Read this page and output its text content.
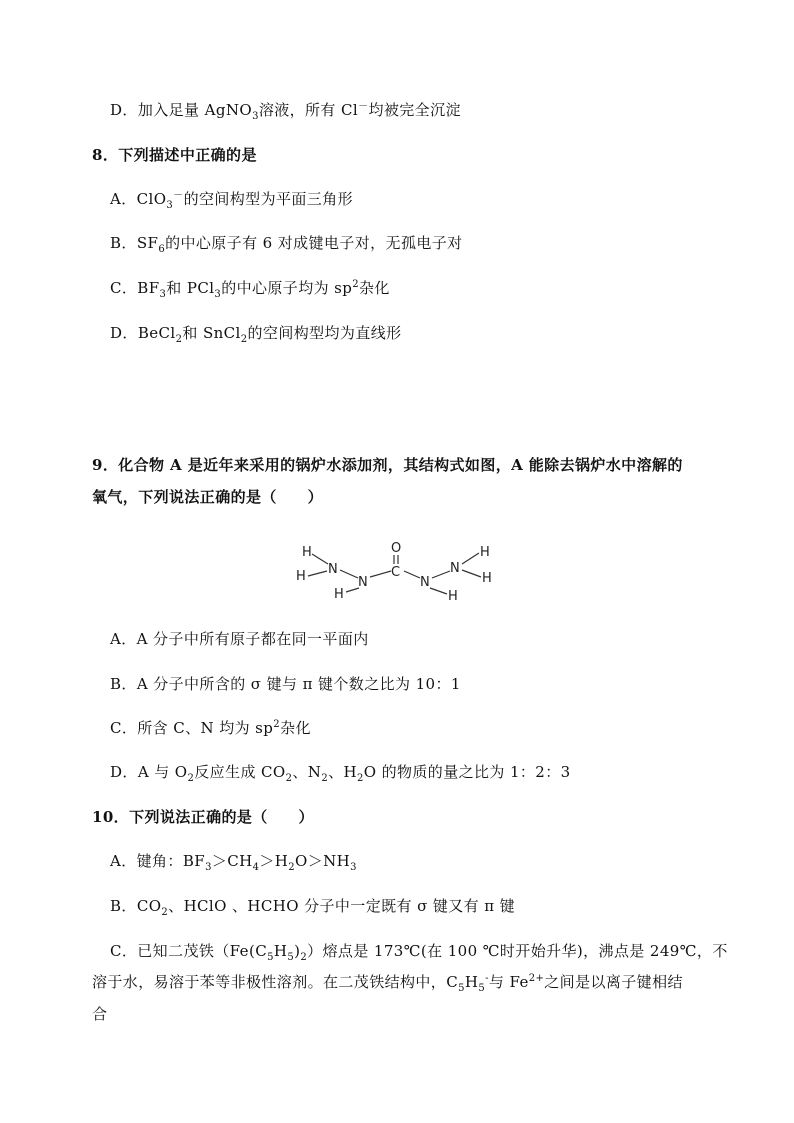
D．加入足量 AgNO$_3$溶液，所有 Cl－均被完全沉淀
8．下列描述中正确的是
A．ClO$_3$－的空间构型为平面三角形
B．$SF_6$的中心原子有 6 对成键电子对，无孤电子对
C．$BF_3$和 PCl$_3$的中心原子均为 $sp^2$杂化
D．BeCl$_2$和 SnCl$_2$的空间构型均为直线形
9．化合物 A 是近年来采用的锅炉水添加剂，其结构式如图，A 能除去锅炉水中溶解的
氧气，下列说法正确的是（　　）
H
H N
N
H
C
O
N
N
H
H
H
A．A 分子中所有原子都在同一平面内
B．A 分子中所含的 σ 键与 π 键个数之比为 10：1
C．所含 C、N 均为 $sp^2$杂化
D．A 与 $O_2$反应生成 $CO_2$、$N_2$、$H_2O$ 的物质的量之比为 1：2：3
10．下列说法正确的是（　　）
A．键角：$BF_3>CH_4>H_2O>NH_3$
B．$CO_2$、HClO 、HCHO 分子中一定既有 σ 键又有 π 键
C．已知二茂铁$(Fe(C_5H_5)_2)$熔点是 173℃(在 100 ℃时开始升华)，沸点是 249℃，不
溶于水，易溶于苯等非极性溶剂。在二茂铁结构中，$C_5H_5^-$与 $Fe^{2+}$之间是以离子键相结
合
